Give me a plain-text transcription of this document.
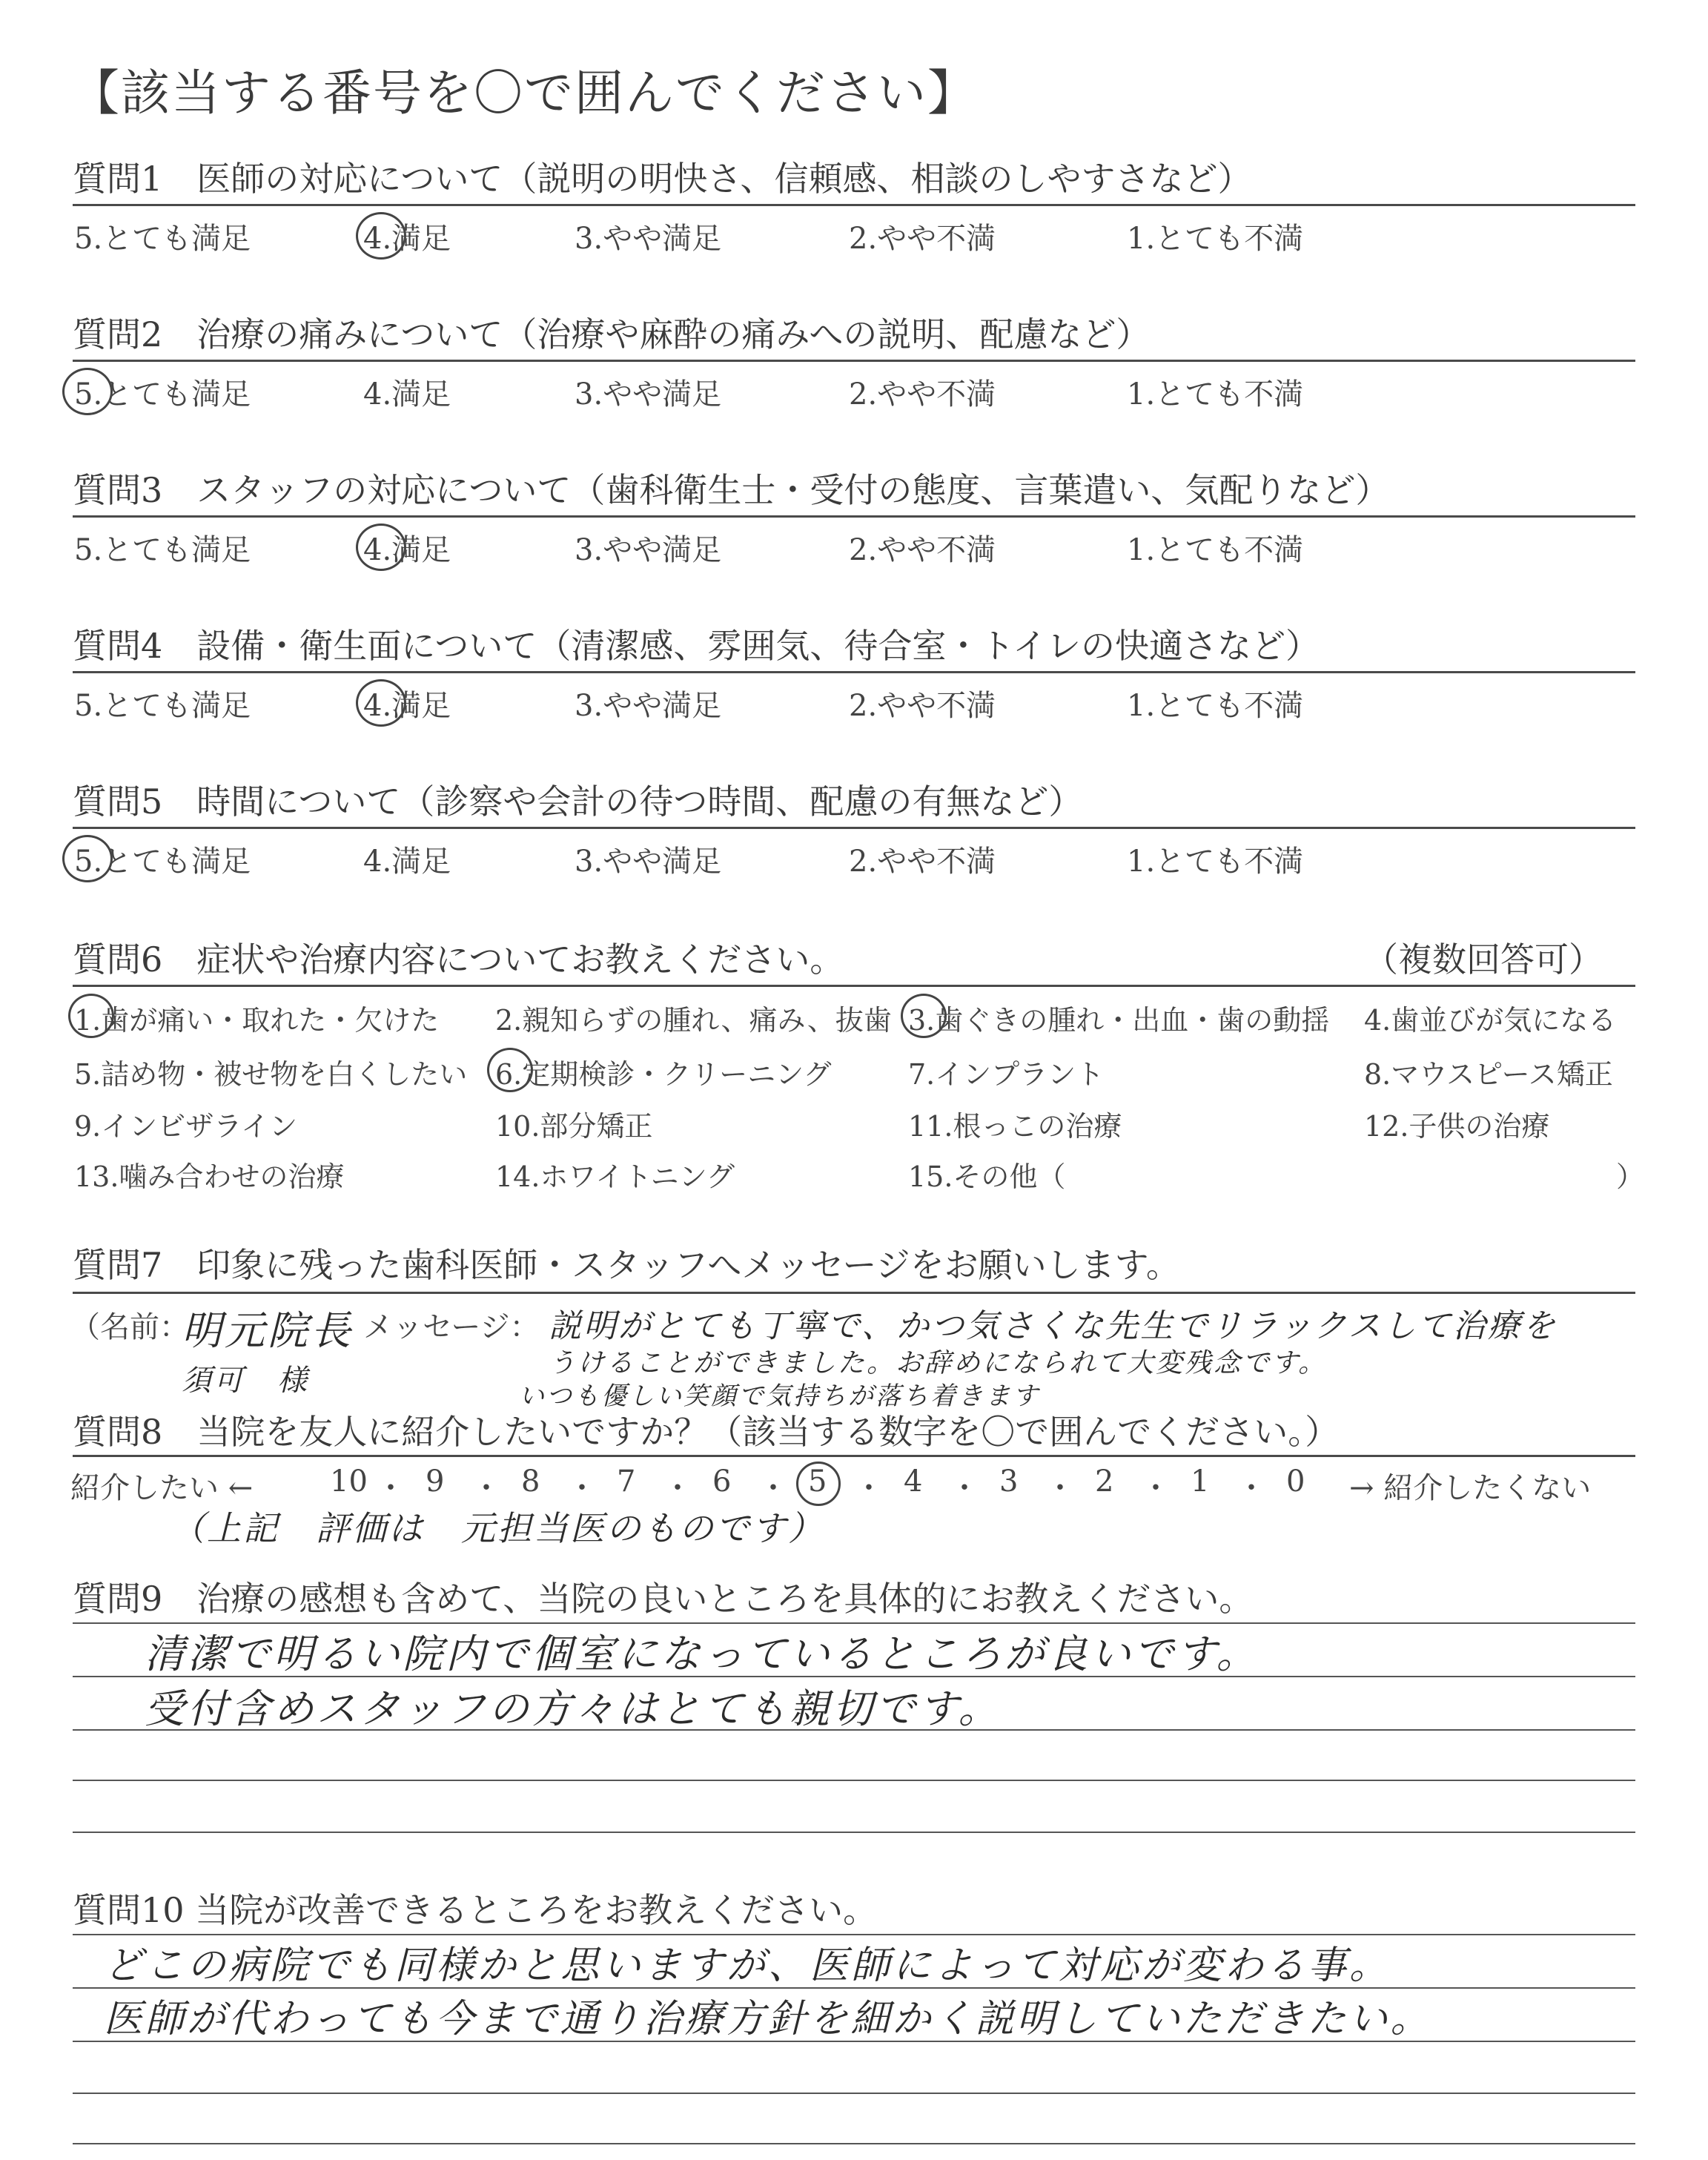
【該当する番号を〇で囲んでください】
質問1　医師の対応について（説明の明快さ、信頼感、相談のしやすさなど）
5.とても満足	4.満足	3.やや満足	2.やや不満	1.とても不満
質問2　治療の痛みについて（治療や麻酔の痛みへの説明、配慮など）
5.とても満足	4.満足	3.やや満足	2.やや不満	1.とても不満
質問3　スタッフの対応について（歯科衛生士・受付の態度、言葉遣い、気配りなど）
5.とても満足	4.満足	3.やや満足	2.やや不満	1.とても不満
質問4　設備・衛生面について（清潔感、雰囲気、待合室・トイレの快適さなど）
5.とても満足	4.満足	3.やや満足	2.やや不満	1.とても不満
質問5　時間について（診察や会計の待つ時間、配慮の有無など）
5.とても満足	4.満足	3.やや満足	2.やや不満	1.とても不満
質問6　症状や治療内容についてお教えください。	（複数回答可）
1.歯が痛い・取れた・欠けた 2.親知らずの腫れ、痛み、抜歯 3.歯ぐきの腫れ・出血・歯の動揺 4.歯並びが気になる
5.詰め物・被せ物を白くしたい 6.定期検診・クリーニング	7.インプラント	8.マウスピース矯正
9.インビザライン	10.部分矯正	11.根っこの治療	12.子供の治療
13.噛み合わせの治療	14.ホワイトニング	15.その他（	）
質問7　印象に残った歯科医師・スタッフへメッセージをお願いします。
（名前：
明元院長
須可　様
メッセージ： 説明がとても丁寧で、かつ気さくな先生でリラックスして治療を
うけることができました。お辞めになられて大変残念です。
いつも優しい笑顔で気持ちが落ち着きます
質問8　当院を友人に紹介したいですか？（該当する数字を〇で囲んでください。）
紹介したい ←	→ 紹介したくない
10 ・ 9 ・ 8 ・ 7 ・ 6 ・ 5 ・ 4 ・ 3 ・ 2 ・ 1 ・ 0
（上記　評価は　元担当医のものです）
質問9　治療の感想も含めて、当院の良いところを具体的にお教えください。
清潔で明るい院内で個室になっているところが良いです。
受付含めスタッフの方々はとても親切です。
質問10 当院が改善できるところをお教えください。
どこの病院でも同様かと思いますが、医師によって対応が変わる事。
医師が代わっても今まで通り治療方針を細かく説明していただきたい。
